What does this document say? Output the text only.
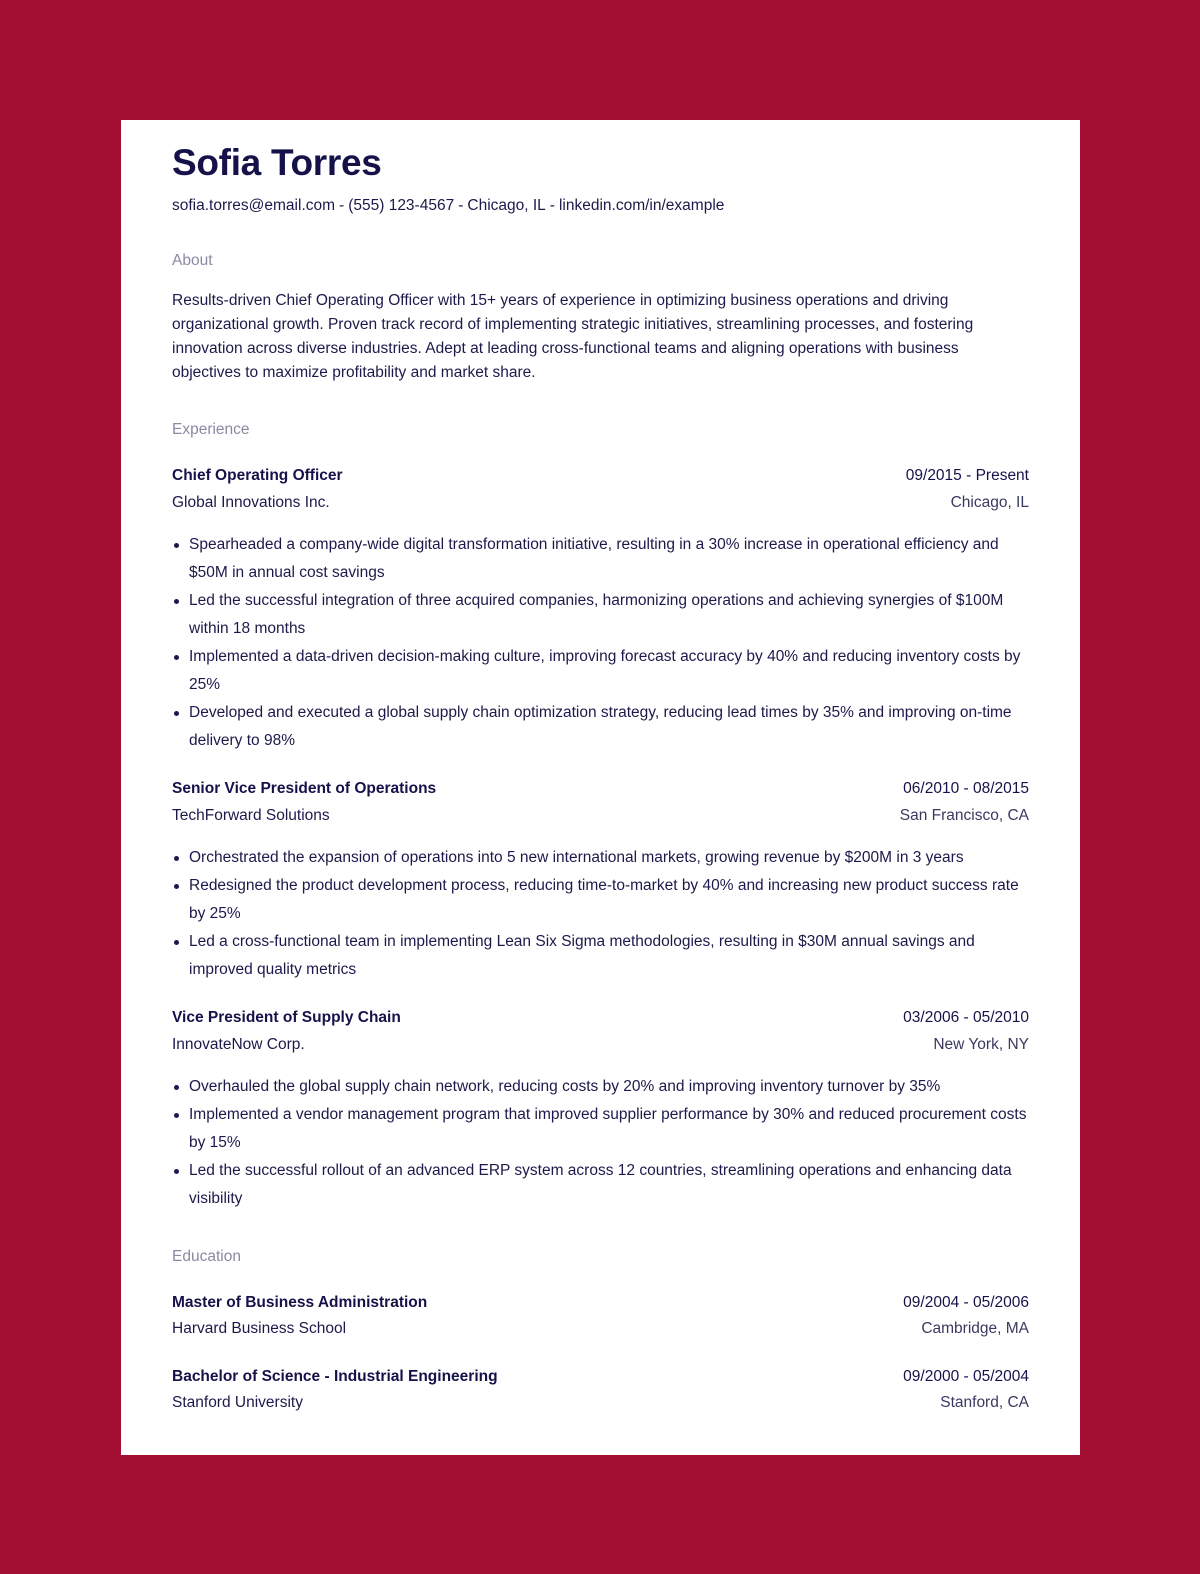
Sofia Torres
sofia.torres@email.com - (555) 123-4567 - Chicago, IL - linkedin.com/in/example
About
Results-driven Chief Operating Officer with 15+ years of experience in optimizing business operations and driving organizational growth. Proven track record of implementing strategic initiatives, streamlining processes, and fostering innovation across diverse industries. Adept at leading cross-functional teams and aligning operations with business objectives to maximize profitability and market share.
Experience
Chief Operating Officer	09/2015 - Present
Global Innovations Inc.	Chicago, IL
Spearheaded a company-wide digital transformation initiative, resulting in a 30% increase in operational efficiency and $50M in annual cost savings
Led the successful integration of three acquired companies, harmonizing operations and achieving synergies of $100M within 18 months
Implemented a data-driven decision-making culture, improving forecast accuracy by 40% and reducing inventory costs by 25%
Developed and executed a global supply chain optimization strategy, reducing lead times by 35% and improving on-time delivery to 98%
Senior Vice President of Operations	06/2010 - 08/2015
TechForward Solutions	San Francisco, CA
Orchestrated the expansion of operations into 5 new international markets, growing revenue by $200M in 3 years
Redesigned the product development process, reducing time-to-market by 40% and increasing new product success rate by 25%
Led a cross-functional team in implementing Lean Six Sigma methodologies, resulting in $30M annual savings and improved quality metrics
Vice President of Supply Chain	03/2006 - 05/2010
InnovateNow Corp.	New York, NY
Overhauled the global supply chain network, reducing costs by 20% and improving inventory turnover by 35%
Implemented a vendor management program that improved supplier performance by 30% and reduced procurement costs by 15%
Led the successful rollout of an advanced ERP system across 12 countries, streamlining operations and enhancing data visibility
Education
Master of Business Administration	09/2004 - 05/2006
Harvard Business School	Cambridge, MA
Bachelor of Science - Industrial Engineering	09/2000 - 05/2004
Stanford University	Stanford, CA
